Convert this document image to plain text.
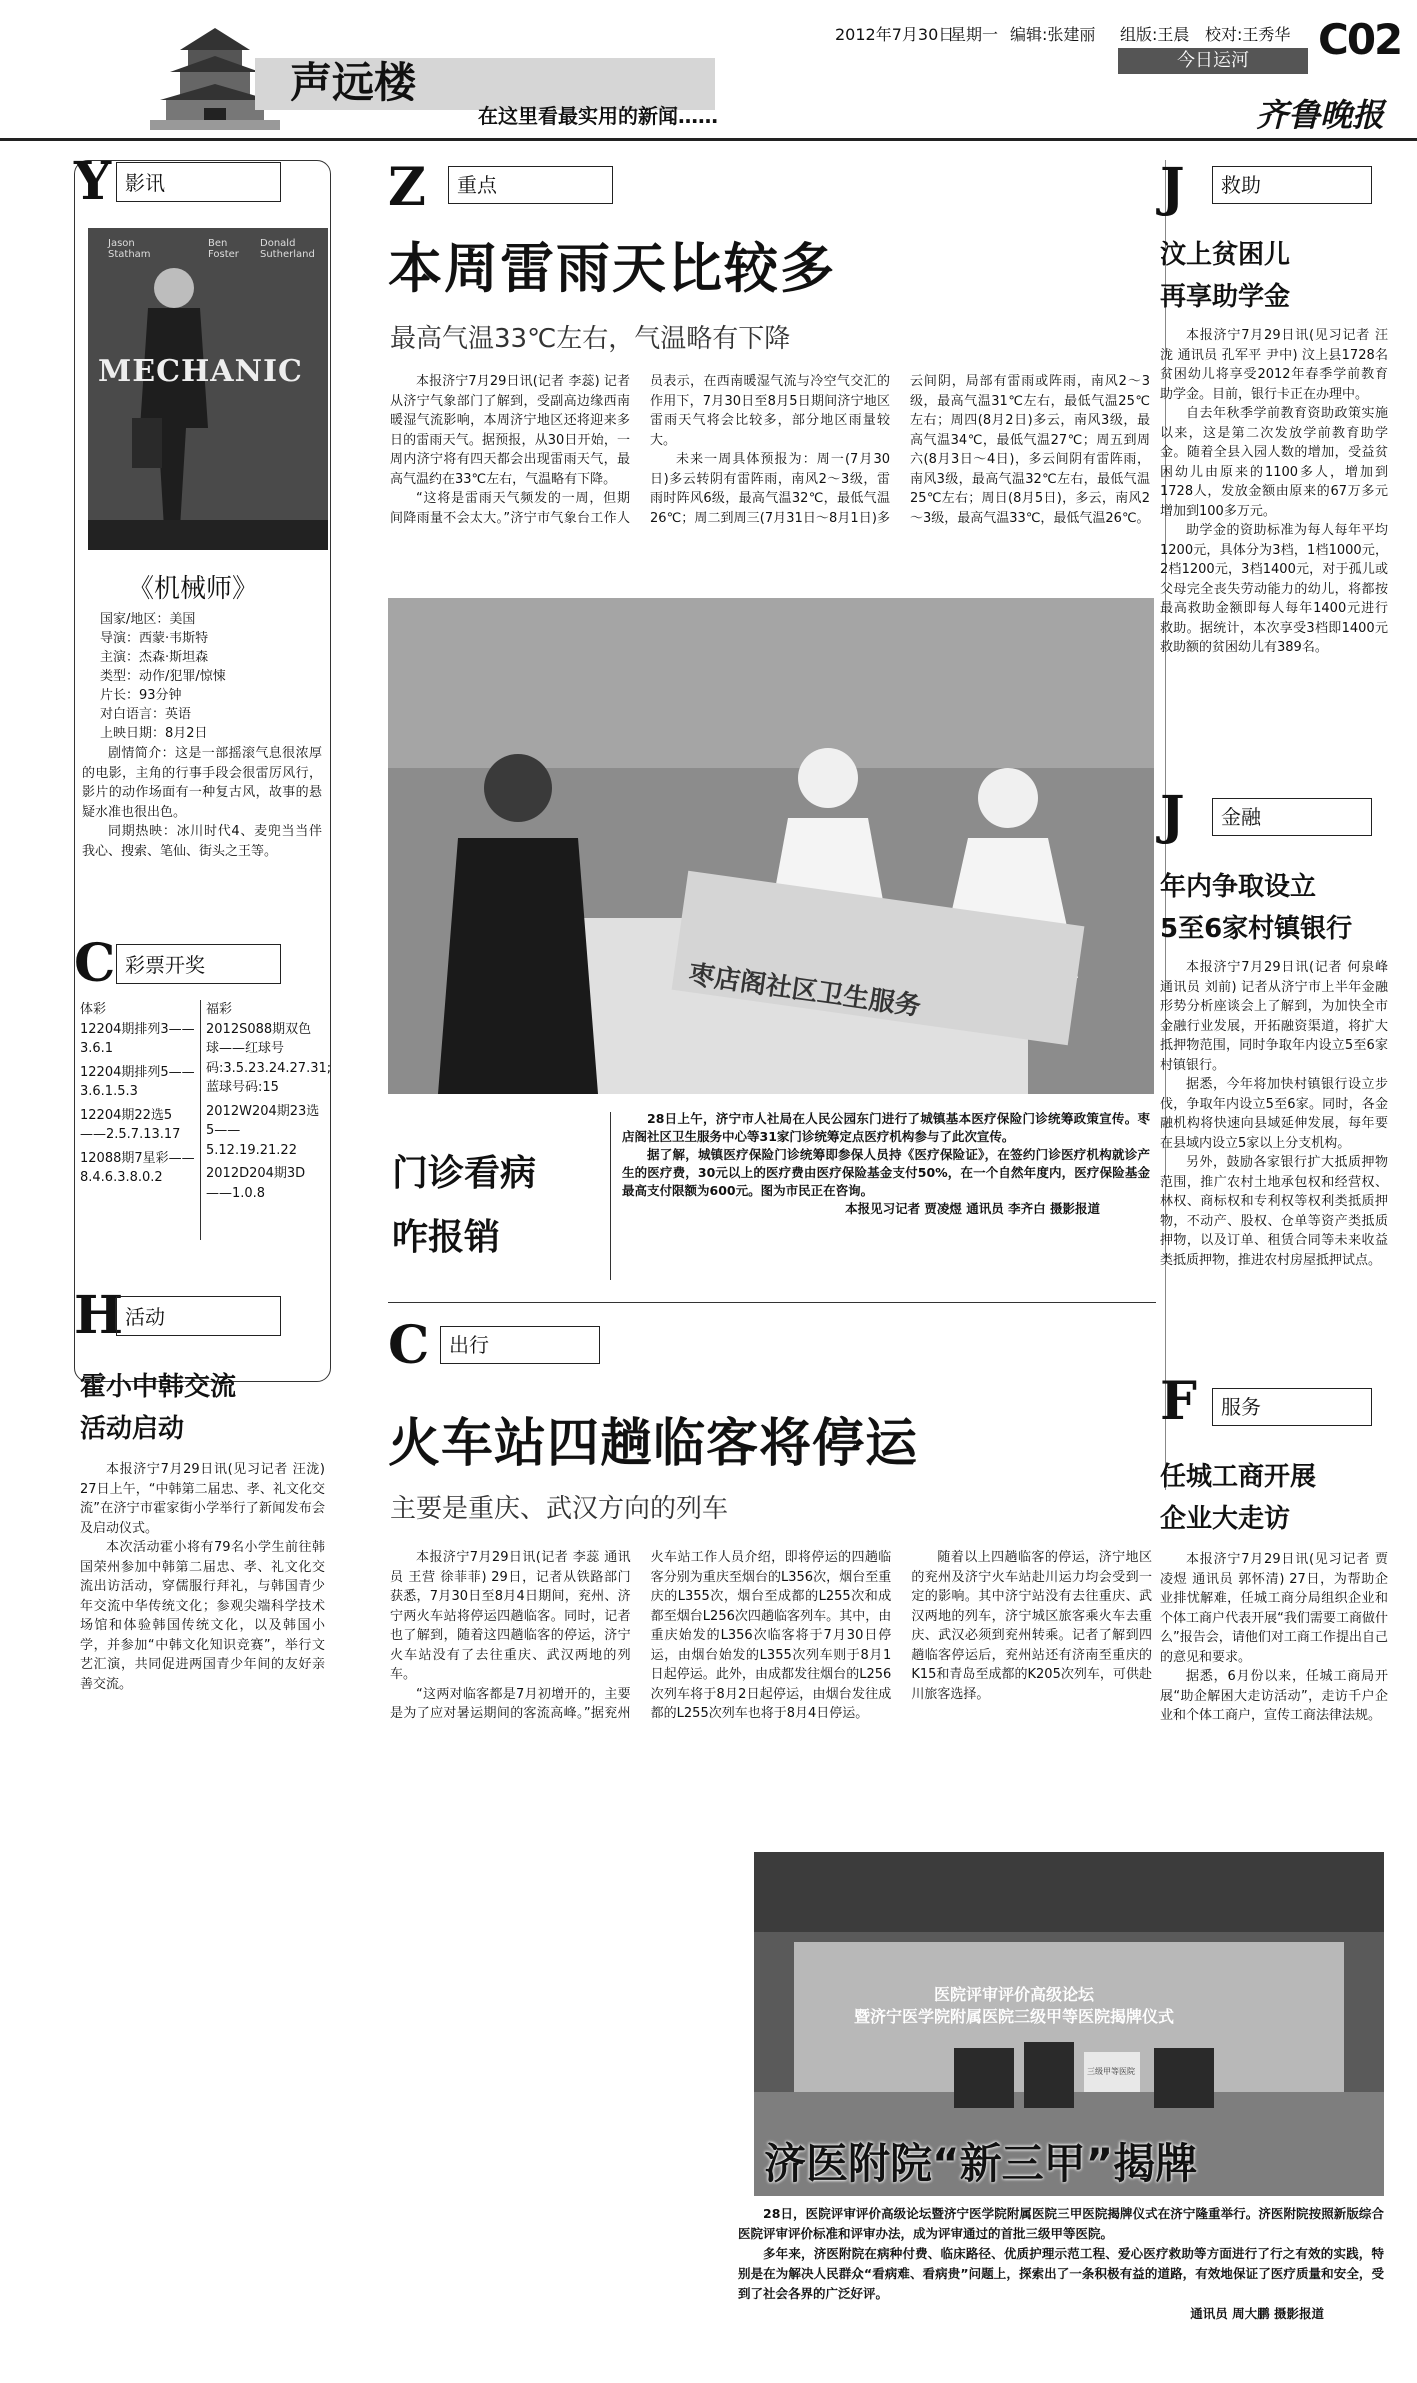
声远楼
在这里看最实用的新闻……
2012年7月30日
星期一 编辑:张建丽 组版:王晨 校对:王秀华 C02
今日运河
齐鲁晚报
Y 影讯
Jason Statham
Ben Foster
Donald Sutherland
MECHANIC
《机械师》
国家/地区：美国
导演：西蒙·韦斯特
主演：杰森·斯坦森
类型：动作/犯罪/惊悚
片长：93分钟
对白语言：英语
上映日期：8月2日

剧情简介：这是一部摇滚气息很浓厚的电影，主角的行事手段会很雷厉风行，影片的动作场面有一种复古风，故事的悬疑水准也很出色。

同期热映：冰川时代4、麦兜当当伴我心、搜索、笔仙、街头之王等。

C 彩票开奖
体彩
12204期排列3——3.6.1
12204期排列5——3.6.1.5.3
12204期22选5——2.5.7.13.17
12088期7星彩——8.4.6.3.8.0.2
福彩
2012S088期双色球——红球号码:3.5.23.24.27.31;蓝球号码:15
2012W204期23选5——5.12.19.21.22
2012D204期3D——1.0.8
H 活动
霍小中韩交流
活动启动

本报济宁7月29日讯(见习记者 汪泷) 27日上午，“中韩第二届忠、孝、礼文化交流”在济宁市霍家街小学举行了新闻发布会及启动仪式。

本次活动霍小将有79名小学生前往韩国荣州参加中韩第二届忠、孝、礼文化交流出访活动，穿儒服行拜礼，与韩国青少年交流中华传统文化；参观尖端科学技术场馆和体验韩国传统文化，以及韩国小学，并参加“中韩文化知识竞赛”，举行文艺汇演，共同促进两国青少年间的友好亲善交流。

Z	重点
本周雷雨天比较多
最高气温33℃左右，气温略有下降

本报济宁7月29日讯(记者 李蕊) 记者从济宁气象部门了解到，受副高边缘西南暖湿气流影响，本周济宁地区还将迎来多日的雷雨天气。据预报，从30日开始，一周内济宁将有四天都会出现雷雨天气，最高气温约在33℃左右，气温略有下降。

“这将是雷雨天气频发的一周，但期间降雨量不会太大。”济宁市气象台工作人员表示，在西南暖湿气流与冷空气交汇的作用下，7月30日至8月5日期间济宁地区雷雨天气将会比较多，部分地区雨量较大。

未来一周具体预报为：周一(7月30日)多云转阴有雷阵雨，南风2～3级，雷雨时阵风6级，最高气温32℃，最低气温26℃；周二到周三(7月31日～8月1日)多云间阴，局部有雷雨或阵雨，南风2～3级，最高气温31℃左右，最低气温25℃左右；周四(8月2日)多云，南风3级，最高气温34℃，最低气温27℃；周五到周六(8月3日～4日)，多云间阴有雷阵雨，南风3级，最高气温32℃左右，最低气温25℃左右；周日(8月5日)，多云，南风2～3级，最高气温33℃，最低气温26℃。

枣店阁社区卫生服务
门诊看病
咋报销

28日上午，济宁市人社局在人民公园东门进行了城镇基本医疗保险门诊统筹政策宣传。枣店阁社区卫生服务中心等31家门诊统筹定点医疗机构参与了此次宣传。

据了解，城镇医疗保险门诊统筹即参保人员持《医疗保险证》，在签约门诊医疗机构就诊产生的医疗费，30元以上的医疗费由医疗保险基金支付50%，在一个自然年度内，医疗保险基金最高支付限额为600元。图为市民正在咨询。

本报见习记者 贾凌煜 通讯员 李齐白 摄影报道
C 出行
火车站四趟临客将停运
主要是重庆、武汉方向的列车

本报济宁7月29日讯(记者 李蕊 通讯员 王营 徐菲菲) 29日，记者从铁路部门获悉，7月30日至8月4日期间，兖州、济宁两火车站将停运四趟临客。同时，记者也了解到，随着这四趟临客的停运，济宁火车站没有了去往重庆、武汉两地的列车。

“这两对临客都是7月初增开的，主要是为了应对暑运期间的客流高峰。”据兖州火车站工作人员介绍，即将停运的四趟临客分别为重庆至烟台的L356次，烟台至重庆的L355次，烟台至成都的L255次和成都至烟台L256次四趟临客列车。其中，由重庆始发的L356次临客将于7月30日停运，由烟台始发的L355次列车则于8月1日起停运。此外，由成都发往烟台的L256次列车将于8月2日起停运，由烟台发往成都的L255次列车也将于8月4日停运。

随着以上四趟临客的停运，济宁地区的兖州及济宁火车站赴川运力均会受到一定的影响。其中济宁站没有去往重庆、武汉两地的列车，济宁城区旅客乘火车去重庆、武汉必须到兖州转乘。记者了解到四趟临客停运后，兖州站还有济南至重庆的K15和青岛至成都的K205次列车，可供赴川旅客选择。

J	救助
汶上贫困儿
再享助学金

本报济宁7月29日讯(见习记者 汪泷 通讯员 孔军平 尹中) 汶上县1728名贫困幼儿将享受2012年春季学前教育助学金。目前，银行卡正在办理中。

自去年秋季学前教育资助政策实施以来，这是第二次发放学前教育助学金。随着全县入园人数的增加，受益贫困幼儿由原来的1100多人，增加到1728人，发放金额由原来的67万多元增加到100多万元。

助学金的资助标准为每人每年平均1200元，具体分为3档，1档1000元，2档1200元，3档1400元，对于孤儿或父母完全丧失劳动能力的幼儿，将都按最高救助金额即每人每年1400元进行救助。据统计，本次享受3档即1400元救助额的贫困幼儿有389名。

J	金融
年内争取设立
5至6家村镇银行

本报济宁7月29日讯(记者 何泉峰 通讯员 刘前) 记者从济宁市上半年金融形势分析座谈会上了解到，为加快全市金融行业发展，开拓融资渠道，将扩大抵押物范围，同时争取年内设立5至6家村镇银行。

据悉，今年将加快村镇银行设立步伐，争取年内设立5至6家。同时，各金融机构将快速向县域延伸发展，每年要在县域内设立5家以上分支机构。

另外，鼓励各家银行扩大抵质押物范围，推广农村土地承包权和经营权、林权、商标权和专利权等权利类抵质押物，不动产、股权、仓单等资产类抵质押物，以及订单、租赁合同等未来收益类抵质押物，推进农村房屋抵押试点。

F	服务
任城工商开展
企业大走访

本报济宁7月29日讯(见习记者 贾凌煜 通讯员 郭怀清) 27日，为帮助企业排忧解难，任城工商分局组织企业和个体工商户代表开展“我们需要工商做什么”报告会，请他们对工商工作提出自己的意见和要求。

据悉，6月份以来，任城工商局开展“助企解困大走访活动”，走访千户企业和个体工商户，宣传工商法律法规。

医院评审评价高级论坛
暨济宁医学院附属医院三级甲等医院揭牌仪式
三级甲等医院
济医附院“新三甲”揭牌

28日，医院评审评价高级论坛暨济宁医学院附属医院三甲医院揭牌仪式在济宁隆重举行。济医附院按照新版综合医院评审评价标准和评审办法，成为评审通过的首批三级甲等医院。

多年来，济医附院在病种付费、临床路径、优质护理示范工程、爱心医疗救助等方面进行了行之有效的实践，特别是在为解决人民群众“看病难、看病贵”问题上，探索出了一条积极有益的道路，有效地保证了医疗质量和安全，受到了社会各界的广泛好评。

通讯员 周大鹏 摄影报道
